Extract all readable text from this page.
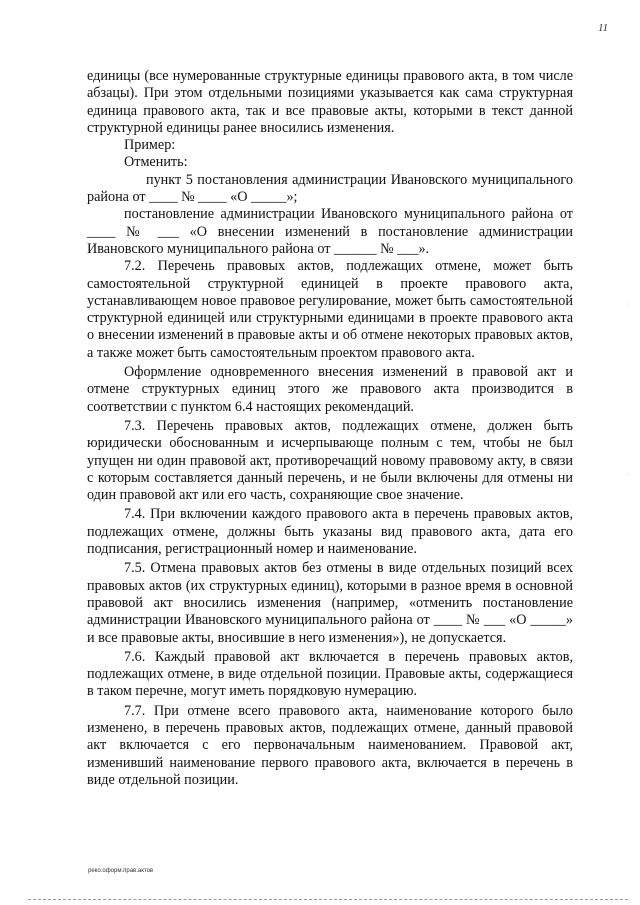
11
·
·

единицы (все нумерованные структурные единицы правового акта, в том числе абзацы). При этом отдельными позициями указывается как сама структурная единица правового акта, так и все правовые акты, которыми в текст данной структурной единицы ранее вносились изменения.

Пример:

Отменить:

пункт 5 постановления администрации Ивановского муниципального района от ____ № ____ «О _____»;

постановление администрации Ивановского муниципального района от ____ № ___ «О внесении изменений в постановление администрации Ивановского муниципального района от ______ № ___».

7.2. Перечень правовых актов, подлежащих отмене, может быть самостоятельной структурной единицей в проекте правового акта, устанавливающем новое правовое регулирование, может быть самостоятельной структурной единицей или структурными единицами в проекте правового акта о внесении изменений в правовые акты и об отмене некоторых правовых актов, а также может быть самостоятельным проектом правового акта.

Оформление одновременного внесения изменений в правовой акт и отмене структурных единиц этого же правового акта производится в соответствии с пунктом 6.4 настоящих рекомендаций.

7.3. Перечень правовых актов, подлежащих отмене, должен быть юридически обоснованным и исчерпывающе полным с тем, чтобы не был упущен ни один правовой акт, противоречащий новому правовому акту, в связи с которым составляется данный перечень, и не были включены для отмены ни один правовой акт или его часть, сохраняющие свое значение.

7.4. При включении каждого правового акта в перечень правовых актов, подлежащих отмене, должны быть указаны вид правового акта, дата его подписания, регистрационный номер и наименование.

7.5. Отмена правовых актов без отмены в виде отдельных позиций всех правовых актов (их структурных единиц), которыми в разное время в основной правовой акт вносились изменения (например, «отменить постановление администрации Ивановского муниципального района от ____ № ___ «О _____» и все правовые акты, вносившие в него изменения»), не допускается.

7.6. Каждый правовой акт включается в перечень правовых актов, подлежащих отмене, в виде отдельной позиции. Правовые акты, содержащиеся в таком перечне, могут иметь порядковую нумерацию.

7.7. При отмене всего правового акта, наименование которого было изменено, в перечень правовых актов, подлежащих отмене, данный правовой акт включается с его первоначальным наименованием. Правовой акт, изменивший наименование первого правового акта, включается в перечень в виде отдельной позиции.

реко.оформ.прав.актов
